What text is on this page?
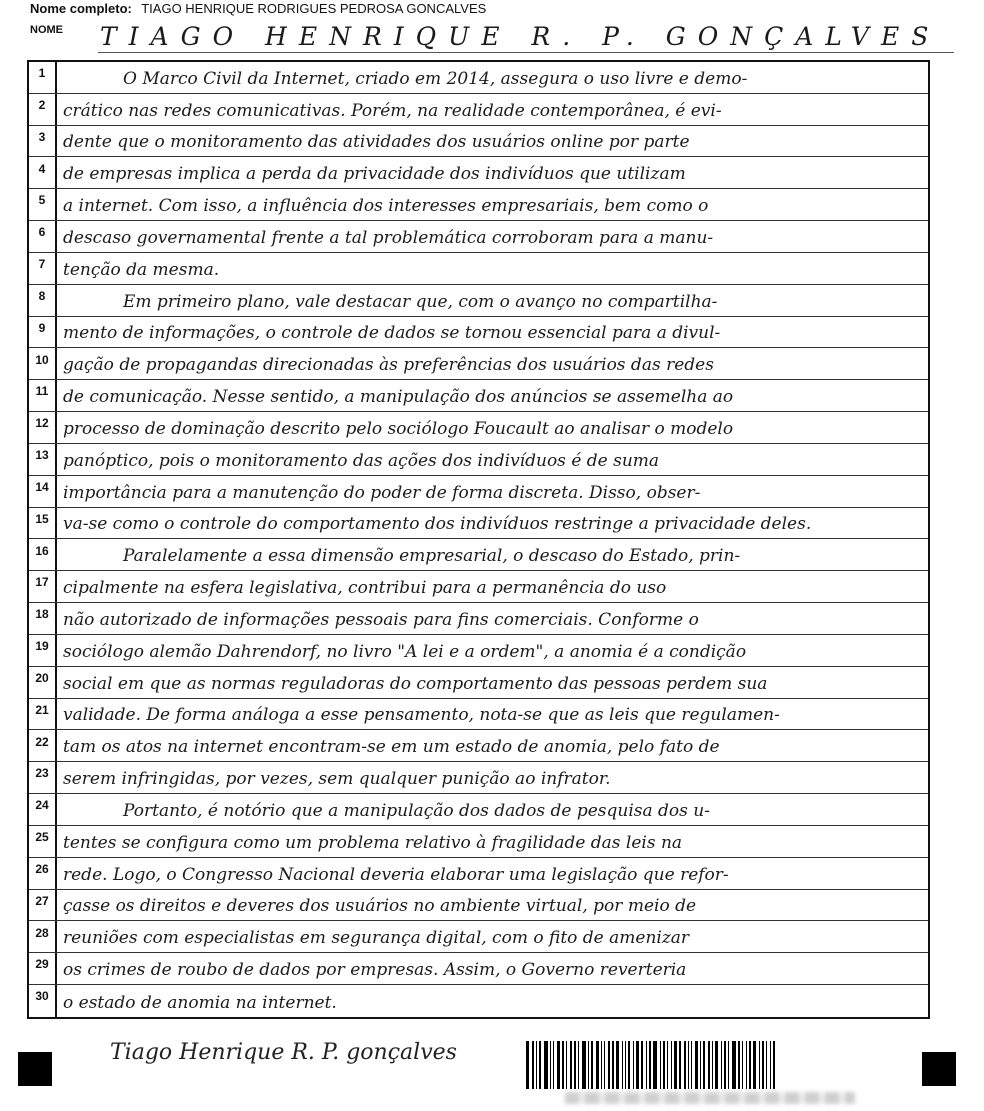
Nome completo: TIAGO HENRIQUE RODRIGUES PEDROSA GONCALVES
NOME TIAGO HENRIQUE R. P. GONÇALVES
1	O Marco Civil da Internet, criado em 2014, assegura o uso livre e demo-
2	crático nas redes comunicativas. Porém, na realidade contemporânea, é evi-
3	dente que o monitoramento das atividades dos usuários online por parte
4	de empresas implica a perda da privacidade dos indivíduos que utilizam
5	a internet. Com isso, a influência dos interesses empresariais, bem como o
6	descaso governamental frente a tal problemática corroboram para a manu-
7	tenção da mesma.
8	Em primeiro plano, vale destacar que, com o avanço no compartilha-
9	mento de informações, o controle de dados se tornou essencial para a divul-
10 gação de propagandas direcionadas às preferências dos usuários das redes
11 de comunicação. Nesse sentido, a manipulação dos anúncios se assemelha ao
12 processo de dominação descrito pelo sociólogo Foucault ao analisar o modelo
13 panóptico, pois o monitoramento das ações dos indivíduos é de suma
14 importância para a manutenção do poder de forma discreta. Disso, obser-
15 va-se como o controle do comportamento dos indivíduos restringe a privacidade deles.
16	Paralelamente a essa dimensão empresarial, o descaso do Estado, prin-
17 cipalmente na esfera legislativa, contribui para a permanência do uso
18 não autorizado de informações pessoais para fins comerciais. Conforme o
19 sociólogo alemão Dahrendorf, no livro "A lei e a ordem", a anomia é a condição
20 social em que as normas reguladoras do comportamento das pessoas perdem sua
21 validade. De forma análoga a esse pensamento, nota-se que as leis que regulamen-
22 tam os atos na internet encontram-se em um estado de anomia, pelo fato de
23 serem infringidas, por vezes, sem qualquer punição ao infrator.
24	Portanto, é notório que a manipulação dos dados de pesquisa dos u-
25 tentes se configura como um problema relativo à fragilidade das leis na
26 rede. Logo, o Congresso Nacional deveria elaborar uma legislação que refor-
27 çasse os direitos e deveres dos usuários no ambiente virtual, por meio de
28 reuniões com especialistas em segurança digital, com o fito de amenizar
29 os crimes de roubo de dados por empresas. Assim, o Governo reverteria
30 o estado de anomia na internet.
Tiago Henrique R. P. gonçalves
